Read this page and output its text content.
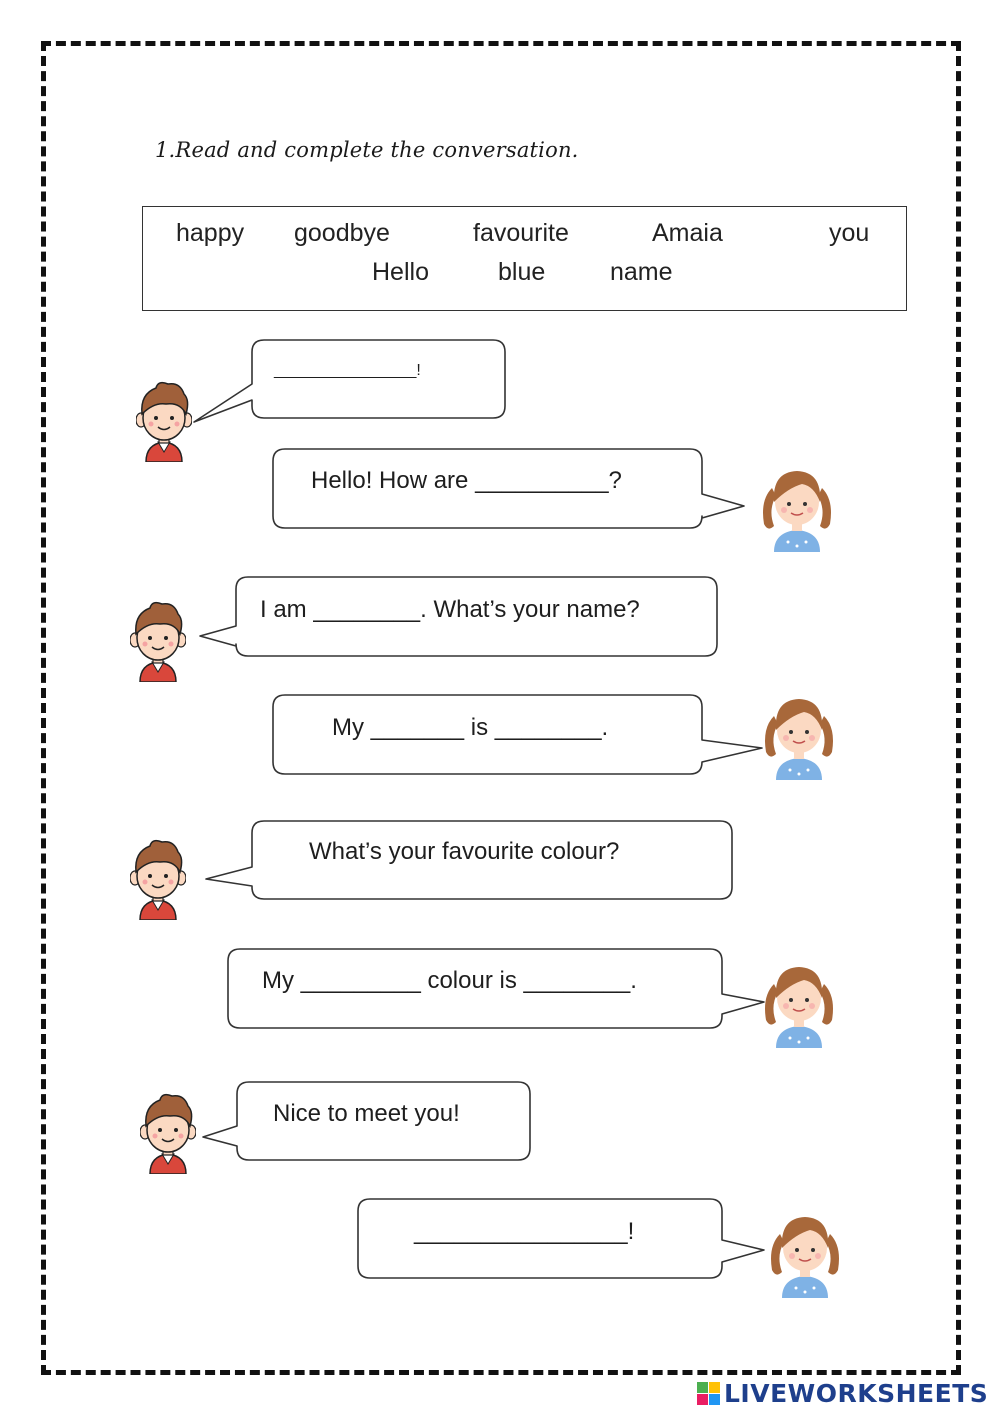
1.Read and complete the conversation.
happy goodbye	favourite	Amaia	you
Hello	blue	name
________________!
Hello! How are __________?
I am ________. What’s your name?
My _______ is ________.
What’s your favourite colour?
My _________ colour is ________.
Nice to meet you!
________________!
LIVEWORKSHEETS
